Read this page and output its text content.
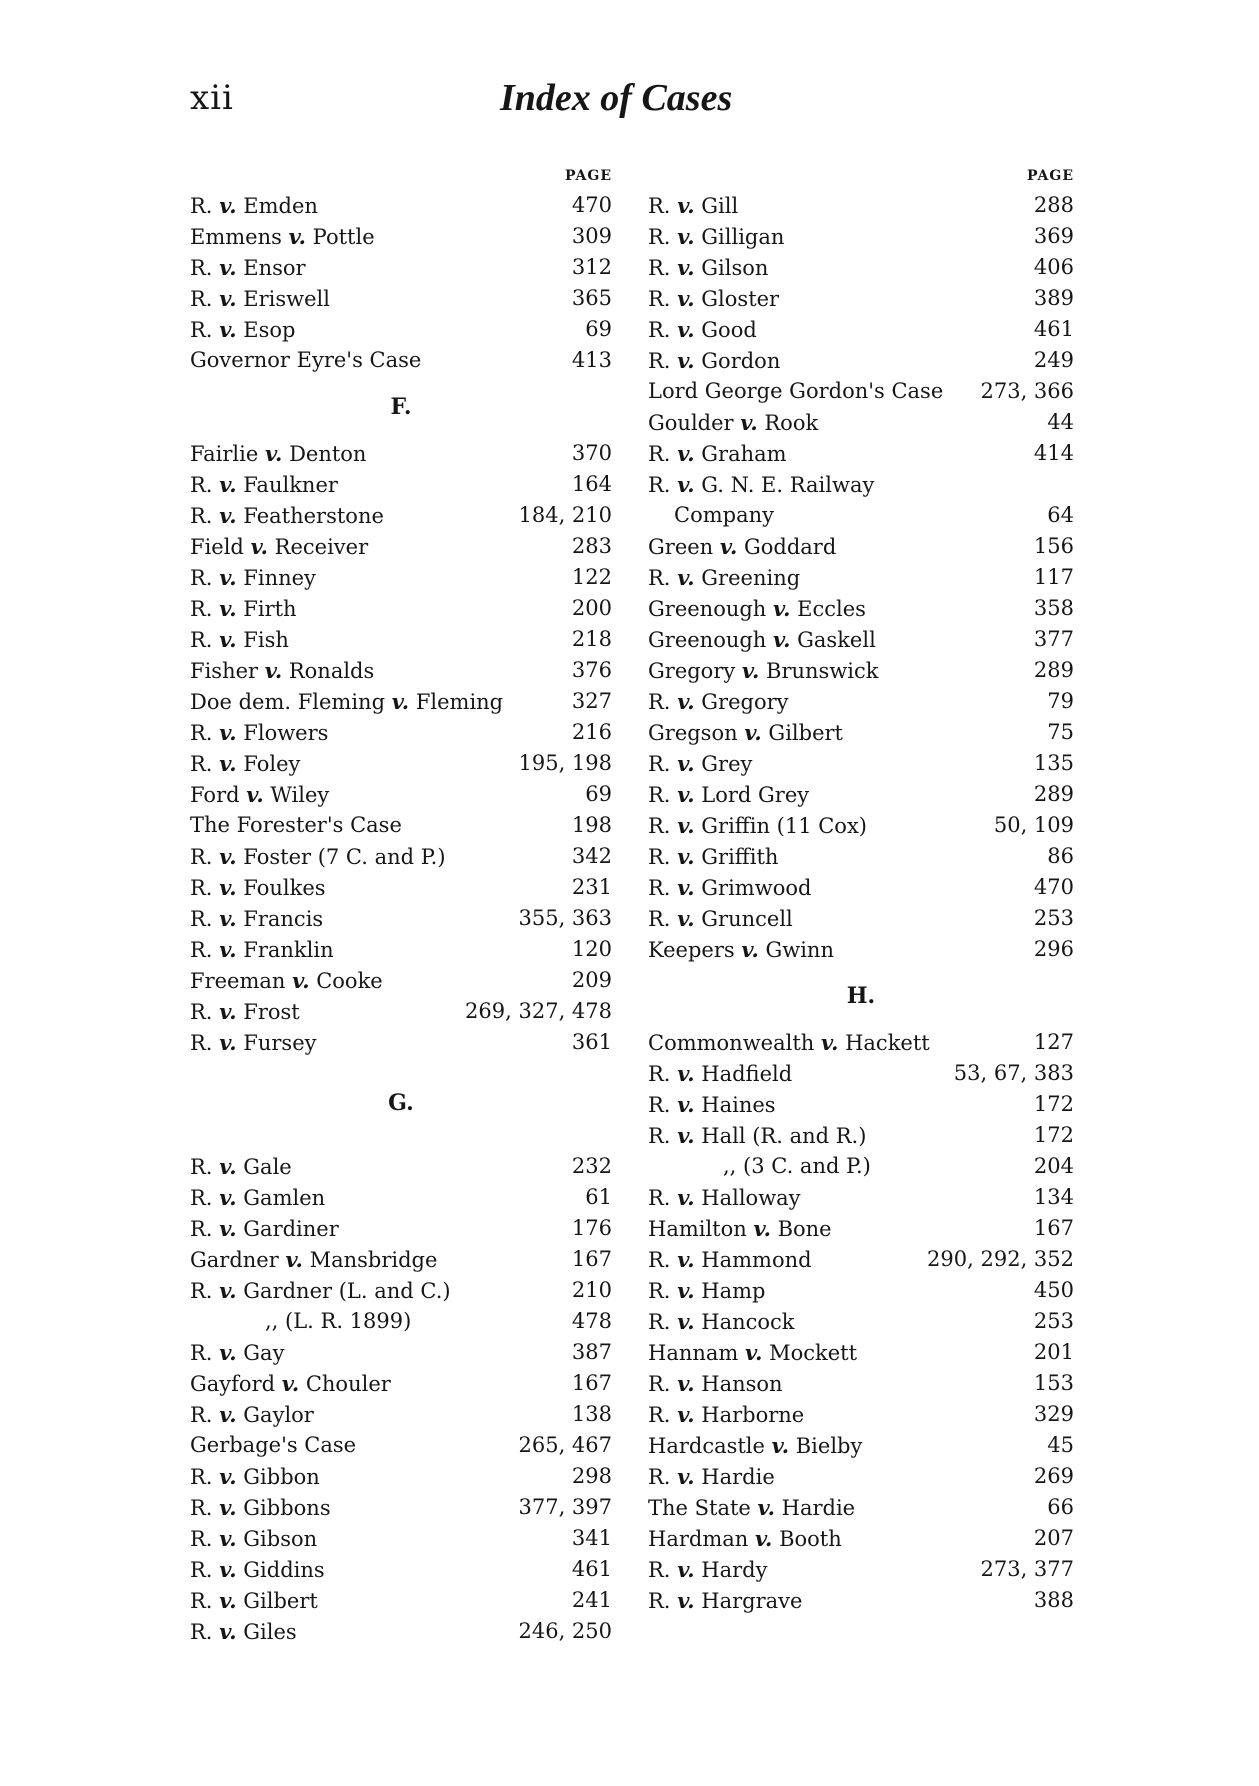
xii	Index of Cases
PAGE
R. v. Emden	470
Emmens v. Pottle	309
R. v. Ensor	312
R. v. Eriswell	365
R. v. Esop	69
Governor Eyre's Case	413
F.
Fairlie v. Denton	370
R. v. Faulkner	164
R. v. Featherstone	184, 210
Field v. Receiver	283
R. v. Finney	122
R. v. Firth	200
R. v. Fish	218
Fisher v. Ronalds	376
Doe dem. Fleming v. Fleming	327
R. v. Flowers	216
R. v. Foley	195, 198
Ford v. Wiley	69
The Forester's Case	198
R. v. Foster (7 C. and P.)	342
R. v. Foulkes	231
R. v. Francis	355, 363
R. v. Franklin	120
Freeman v. Cooke	209
R. v. Frost	269, 327, 478
R. v. Fursey	361
G.
R. v. Gale	232
R. v. Gamlen	61
R. v. Gardiner	176
Gardner v. Mansbridge	167
R. v. Gardner (L. and C.)	210
,, (L. R. 1899)	478
R. v. Gay	387
Gayford v. Chouler	167
R. v. Gaylor	138
Gerbage's Case	265, 467
R. v. Gibbon	298
R. v. Gibbons	377, 397
R. v. Gibson	341
R. v. Giddins	461
R. v. Gilbert	241
R. v. Giles	246, 250
PAGE
R. v. Gill	288
R. v. Gilligan	369
R. v. Gilson	406
R. v. Gloster	389
R. v. Good	461
R. v. Gordon	249
Lord George Gordon's Case 273, 366
Goulder v. Rook	44
R. v. Graham	414
R. v. G. N. E. Railway
Company	64
Green v. Goddard	156
R. v. Greening	117
Greenough v. Eccles	358
Greenough v. Gaskell	377
Gregory v. Brunswick	289
R. v. Gregory	79
Gregson v. Gilbert	75
R. v. Grey	135
R. v. Lord Grey	289
R. v. Griffin (11 Cox)	50, 109
R. v. Griffith	86
R. v. Grimwood	470
R. v. Gruncell	253
Keepers v. Gwinn	296
H.
Commonwealth v. Hackett	127
R. v. Hadfield	53, 67, 383
R. v. Haines	172
R. v. Hall (R. and R.)	172
,, (3 C. and P.)	204
R. v. Halloway	134
Hamilton v. Bone	167
R. v. Hammond	290, 292, 352
R. v. Hamp	450
R. v. Hancock	253
Hannam v. Mockett	201
R. v. Hanson	153
R. v. Harborne	329
Hardcastle v. Bielby	45
R. v. Hardie	269
The State v. Hardie	66
Hardman v. Booth	207
R. v. Hardy	273, 377
R. v. Hargrave	388
